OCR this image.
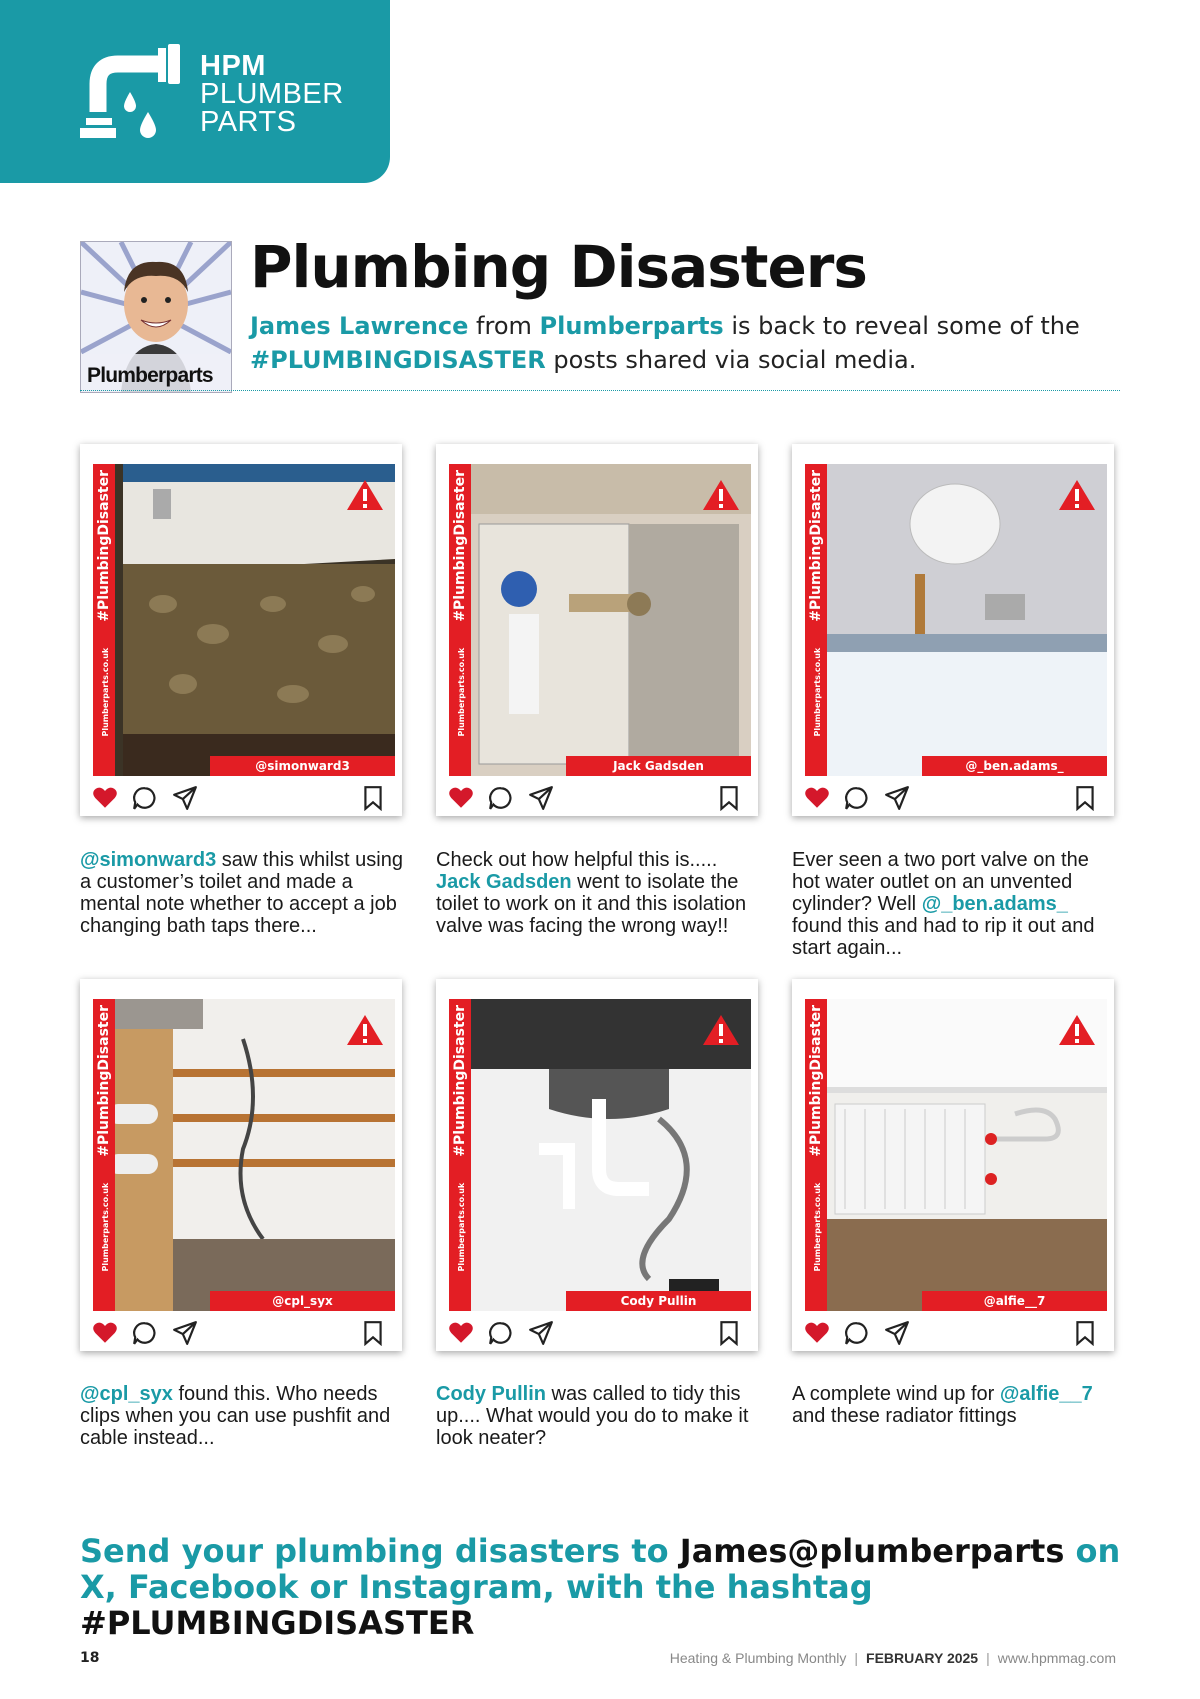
HPM
PLUMBER
PARTS
Plumberparts
Plumbing Disasters
James Lawrence from Plumberparts is back to reveal some of the #PLUMBINGDISASTER posts shared via social media.
Plumberparts.co.uk#PlumbingDisaster
@simonward3
@simonward3 saw this whilst using a customer’s toilet and made a mental note whether to accept a job changing bath taps there...
Plumberparts.co.uk#PlumbingDisaster
Jack Gadsden
Check out how helpful this is..... Jack Gadsden went to isolate the toilet to work on it and this isolation valve was facing the wrong way!!
Plumberparts.co.uk#PlumbingDisaster
@_ben.adams_
Ever seen a two port valve on the hot water outlet on an unvented cylinder? Well @_ben.adams_ found this and had to rip it out and start again...
Plumberparts.co.uk#PlumbingDisaster
@cpl_syx
@cpl_syx found this. Who needs clips when you can use pushfit and cable instead...
Plumberparts.co.uk#PlumbingDisaster
Cody Pullin
Cody Pullin was called to tidy this up.... What would you do to make it look neater?
Plumberparts.co.uk#PlumbingDisaster
@alfie__7
A complete wind up for @alfie__7 and these radiator fittings
Send your plumbing disasters to James@plumberparts on X, Facebook or Instagram, with the hashtag #PLUMBINGDISASTER
18	Heating & Plumbing Monthly | FEBRUARY 2025 | www.hpmmag.com
